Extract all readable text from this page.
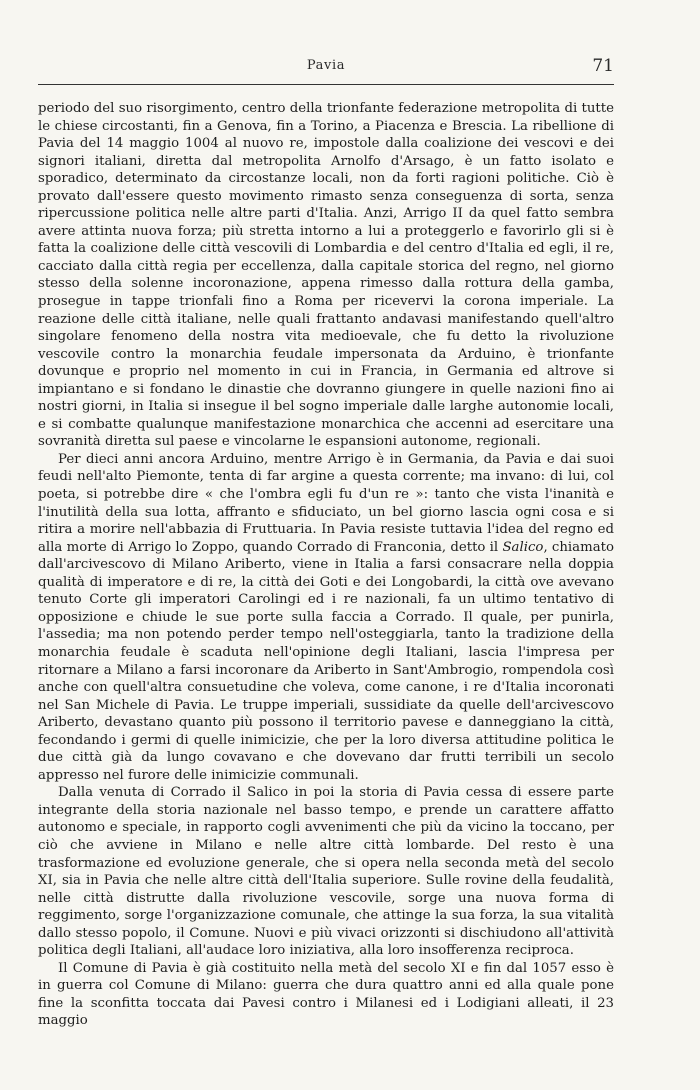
Pavia	71

periodo del suo risorgimento, centro della trionfante federazione metropolita di tutte le chiese circostanti, fin a Genova, fin a Torino, a Piacenza e Brescia. La ribellione di Pavia del 14 maggio 1004 al nuovo re, impostole dalla coalizione dei vescovi e dei signori italiani, diretta dal metropolita Arnolfo d'Arsago, è un fatto isolato e sporadico, determinato da circostanze locali, non da forti ragioni politiche. Ciò è provato dall'essere questo movimento rimasto senza conseguenza di sorta, senza ripercussione politica nelle altre parti d'Italia. Anzi, Arrigo II da quel fatto sembra avere attinta nuova forza; più stretta intorno a lui a proteggerlo e favorirlo gli si è fatta la coalizione delle città vescovili di Lombardia e del centro d'Italia ed egli, il re, cacciato dalla città regia per eccellenza, dalla capitale storica del regno, nel giorno stesso della solenne incoronazione, appena rimesso dalla rottura della gamba, prosegue in tappe trionfali fino a Roma per ricevervi la corona imperiale. La reazione delle città italiane, nelle quali frattanto andavasi manifestando quell'altro singolare fenomeno della nostra vita medioevale, che fu detto la rivoluzione vescovile contro la monarchia feudale impersonata da Arduino, è trionfante dovunque e proprio nel momento in cui in Francia, in Germania ed altrove si impiantano e si fondano le dinastie che dovranno giungere in quelle nazioni fino ai nostri giorni, in Italia si insegue il bel sogno imperiale dalle larghe autonomie locali, e si combatte qualunque manifestazione monarchica che accenni ad esercitare una sovranità diretta sul paese e vincolarne le espansioni autonome, regionali.

Per dieci anni ancora Arduino, mentre Arrigo è in Germania, da Pavia e dai suoi feudi nell'alto Piemonte, tenta di far argine a questa corrente; ma invano: di lui, col poeta, si potrebbe dire « che l'ombra egli fu d'un re »: tanto che vista l'inanità e l'inutilità della sua lotta, affranto e sfiduciato, un bel giorno lascia ogni cosa e si ritira a morire nell'abbazia di Fruttuaria. In Pavia resiste tuttavia l'idea del regno ed alla morte di Arrigo lo Zoppo, quando Corrado di Franconia, detto il Salico, chiamato dall'arcivescovo di Milano Ariberto, viene in Italia a farsi consacrare nella doppia qualità di imperatore e di re, la città dei Goti e dei Longobardi, la città ove avevano tenuto Corte gli imperatori Carolingi ed i re nazionali, fa un ultimo tentativo di opposizione e chiude le sue porte sulla faccia a Corrado. Il quale, per punirla, l'assedia; ma non potendo perder tempo nell'osteggiarla, tanto la tradizione della monarchia feudale è scaduta nell'opinione degli Italiani, lascia l'impresa per ritornare a Milano a farsi incoronare da Ariberto in Sant'Ambrogio, rompendola così anche con quell'altra consuetudine che voleva, come canone, i re d'Italia incoronati nel San Michele di Pavia. Le truppe imperiali, sussidiate da quelle dell'arcivescovo Ariberto, devastano quanto più possono il territorio pavese e danneggiano la città, fecondando i germi di quelle inimicizie, che per la loro diversa attitudine politica le due città già da lungo covavano e che dovevano dar frutti terribili un secolo appresso nel furore delle inimicizie communali.

Dalla venuta di Corrado il Salico in poi la storia di Pavia cessa di essere parte integrante della storia nazionale nel basso tempo, e prende un carattere affatto autonomo e speciale, in rapporto cogli avvenimenti che più da vicino la toccano, per ciò che avviene in Milano e nelle altre città lombarde. Del resto è una trasformazione ed evoluzione generale, che si opera nella seconda metà del secolo XI, sia in Pavia che nelle altre città dell'Italia superiore. Sulle rovine della feudalità, nelle città distrutte dalla rivoluzione vescovile, sorge una nuova forma di reggimento, sorge l'organizzazione comunale, che attinge la sua forza, la sua vitalità dallo stesso popolo, il Comune. Nuovi e più vivaci orizzonti si dischiudono all'attività politica degli Italiani, all'audace loro iniziativa, alla loro insofferenza reciproca.

Il Comune di Pavia è già costituito nella metà del secolo XI e fin dal 1057 esso è in guerra col Comune di Milano: guerra che dura quattro anni ed alla quale pone fine la sconfitta toccata dai Pavesi contro i Milanesi ed i Lodigiani alleati, il 23 maggio
